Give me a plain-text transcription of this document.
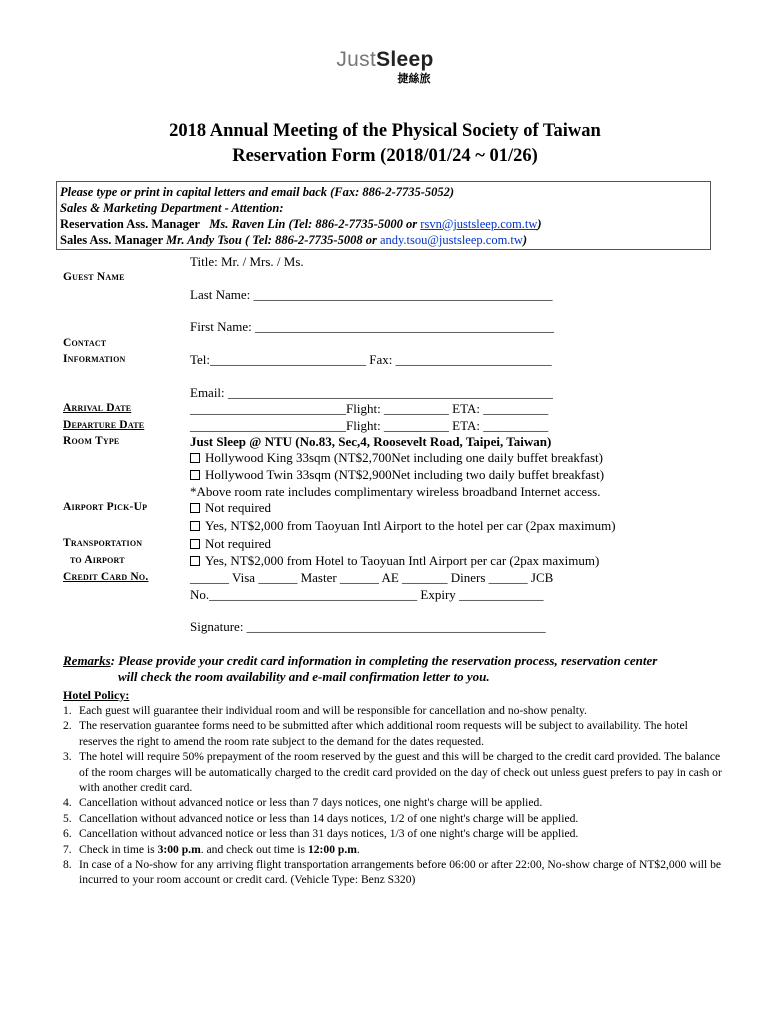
JustSleep
捷絲旅
2018 Annual Meeting of the Physical Society of Taiwan
Reservation Form (2018/01/24 ~ 01/26)
Please type or print in capital letters and email back (Fax: 886-2-7735-5052)
Sales & Marketing Department - Attention:
Reservation Ass. Manager Ms. Raven Lin (Tel: 886-2-7735-5000 or rsvn@justsleep.com.tw)
Sales Ass. Manager Mr. Andy Tsou ( Tel: 886-2-7735-5008 or andy.tsou@justsleep.com.tw)
Guest Name
Contact
Information
Arrival Date
Departure Date
Room Type
Airport Pick-Up
Transportation
to Airport
Credit Card No.
Title: Mr. / Mrs. / Ms.
Last Name: ______________________________________________
First Name: ______________________________________________
Tel:________________________ Fax: ________________________
Email: __________________________________________________
________________________Flight: __________ ETA: __________
________________________Flight: __________ ETA: __________
Just Sleep @ NTU (No.83, Sec,4, Roosevelt Road, Taipei, Taiwan)
Hollywood King 33sqm (NT$2,700Net including one daily buffet breakfast)
Hollywood Twin 33sqm (NT$2,900Net including two daily buffet breakfast)
*Above room rate includes complimentary wireless broadband Internet access.
Not required
Yes, NT$2,000 from Taoyuan Intl Airport to the hotel per car (2pax maximum)
Not required
Yes, NT$2,000 from Hotel to Taoyuan Intl Airport per car (2pax maximum)
______ Visa ______ Master ______ AE _______ Diners ______ JCB
No.________________________________ Expiry _____________
Signature: ______________________________________________
Remarks: Please provide your credit card information in completing the reservation process, reservation center
will check the room availability and e-mail confirmation letter to you.
Hotel Policy:
1. Each guest will guarantee their individual room and will be responsible for cancellation and no-show penalty.
2. The reservation guarantee forms need to be submitted after which additional room requests will be subject to availability. The hotel reserves the right to amend the room rate subject to the demand for the dates requested.
3. The hotel will require 50% prepayment of the room reserved by the guest and this will be charged to the credit card provided. The balance of the room charges will be automatically charged to the credit card provided on the day of check out unless guest prefers to pay in cash or with another credit card.
4. Cancellation without advanced notice or less than 7 days notices, one night's charge will be applied.
5. Cancellation without advanced notice or less than 14 days notices, 1/2 of one night's charge will be applied.
6. Cancellation without advanced notice or less than 31 days notices, 1/3 of one night's charge will be applied.
7. Check in time is 3:00 p.m. and check out time is 12:00 p.m.
8. In case of a No-show for any arriving flight transportation arrangements before 06:00 or after 22:00, No-show charge of NT$2,000 will be incurred to your room account or credit card. (Vehicle Type: Benz S320)
